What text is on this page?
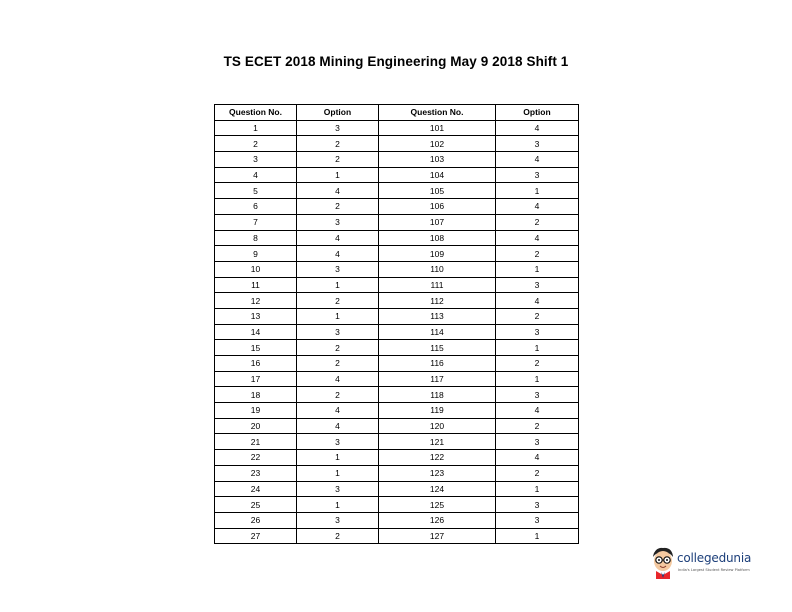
TS ECET 2018 Mining Engineering May 9 2018 Shift 1
Question No.	Option	Question No.	Option
1	3	101	4
2	2	102	3
3	2	103	4
4	1	104	3
5	4	105	1
6	2	106	4
7	3	107	2
8	4	108	4
9	4	109	2
10	3	110	1
11	1	111	3
12	2	112	4
13	1	113	2
14	3	114	3
15	2	115	1
16	2	116	2
17	4	117	1
18	2	118	3
19	4	119	4
20	4	120	2
21	3	121	3
22	1	122	4
23	1	123	2
24	3	124	1
25	1	125	3
26	3	126	3
27	2	127	1
collegedunia
India's Largest Student Review Platform
